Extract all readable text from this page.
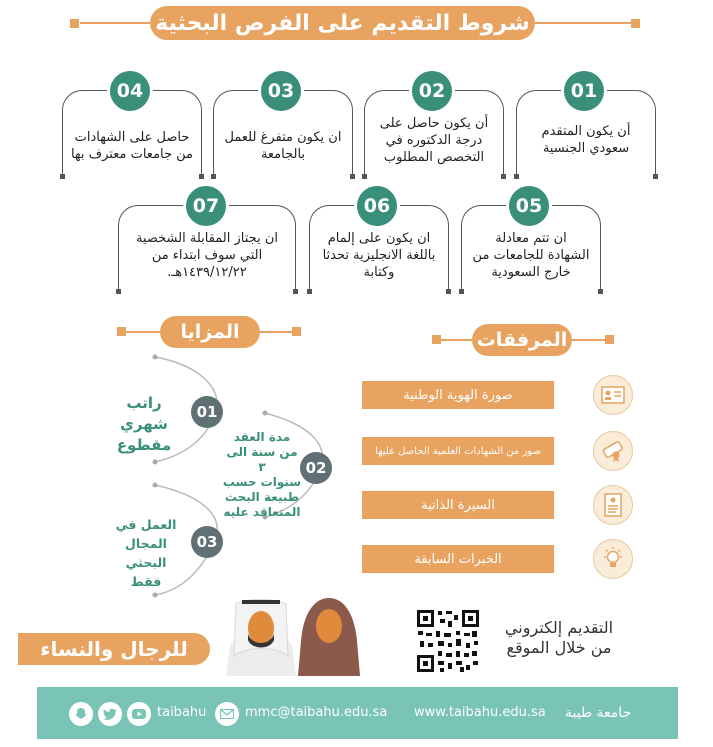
شروط التقديم على الفرص البحثية
أن يكون المتقدم
سعودي الجنسية
01
أن يكون حاصل على
درجة الدكتوره في
التخصص المطلوب
02
ان يكون متفرغ للعمل
بالجامعة
03
حاصل على الشهادات
من جامعات معترف بها
04
ان تتم معادلة
الشهادة للجامعات من
خارج السعودية
05
ان يكون على إلمام
باللغة الانجليزية تحدثا
وكتابة
06
ان يجتاز المقابلة الشخصية
التي سوف ابتداء من
١٤٣٩/١٢/٢٢هـ.
07
المزايا	المرفقات
01
راتب شهري
مقطوع
02
مدة العقد
من سنة الى ٣
سنوات حسب
طبيعة البحث
المتعاقد عليه
03
العمل في
المجال البحثي
فقط
صورة الهوية الوطنية
صور من الشهادات العلمية الحاصل عليها
السيرة الذاتية
الخبرات السابقة
للرجال والنساء
التقديم إلكتروني
من خلال الموقع
جامعة طيبة
www.taibahu.edu.sa
mmc@taibahu.edu.sa
taibahu
